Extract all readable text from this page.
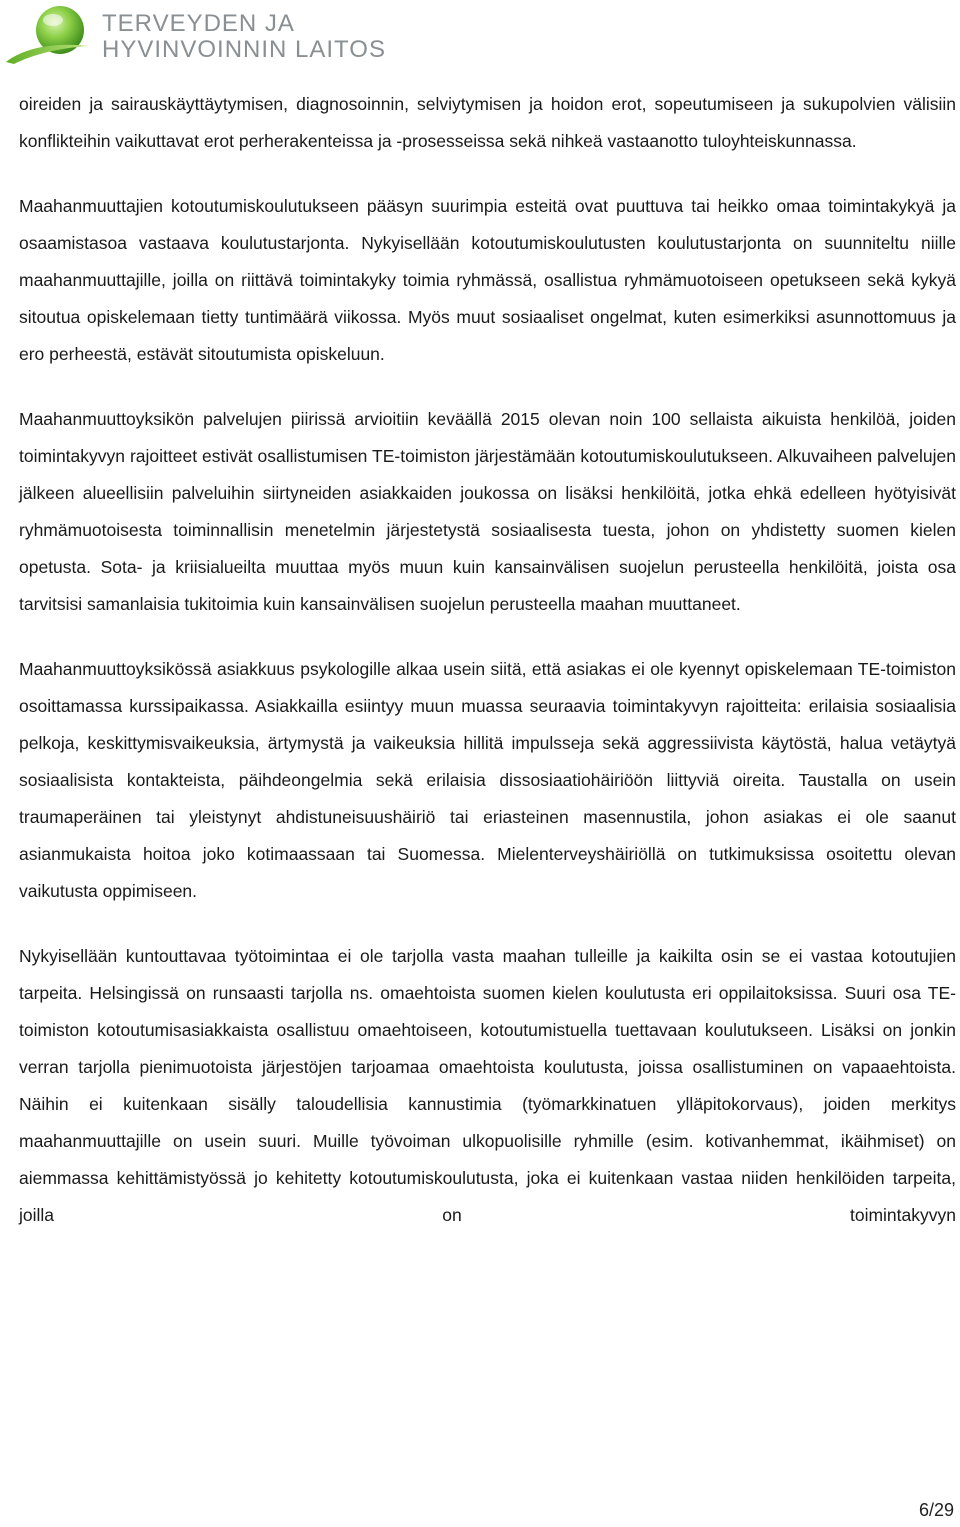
TERVEYDEN JA
HYVINVOINNIN LAITOS

oireiden ja sairauskäyttäytymisen, diagnosoinnin, selviytymisen ja hoidon erot, sopeutumiseen ja sukupolvien välisiin konflikteihin vaikuttavat erot perherakenteissa ja -prosesseissa sekä nihkeä vastaanotto tuloyhteiskunnassa.

Maahanmuuttajien kotoutumiskoulutukseen pääsyn suurimpia esteitä ovat puuttuva tai heikko omaa toimintakykyä ja osaamistasoa vastaava koulutustarjonta. Nykyisellään kotoutumiskoulutusten koulutustarjonta on suunniteltu niille maahanmuuttajille, joilla on riittävä toimintakyky toimia ryhmässä, osallistua ryhmämuotoiseen opetukseen sekä kykyä sitoutua opiskelemaan tietty tuntimäärä viikossa. Myös muut sosiaaliset ongelmat, kuten esimerkiksi asunnottomuus ja ero perheestä, estävät sitoutumista opiskeluun.

Maahanmuuttoyksikön palvelujen piirissä arvioitiin keväällä 2015 olevan noin 100 sellaista aikuista henkilöä, joiden toimintakyvyn rajoitteet estivät osallistumisen TE-toimiston järjestämään kotoutumiskoulutukseen. Alkuvaiheen palvelujen jälkeen alueellisiin palveluihin siirtyneiden asiakkaiden joukossa on lisäksi henkilöitä, jotka ehkä edelleen hyötyisivät ryhmämuotoisesta toiminnallisin menetelmin järjestetystä sosiaalisesta tuesta, johon on yhdistetty suomen kielen opetusta. Sota- ja kriisialueilta muuttaa myös muun kuin kansainvälisen suojelun perusteella henkilöitä, joista osa tarvitsisi samanlaisia tukitoimia kuin kansainvälisen suojelun perusteella maahan muuttaneet.

Maahanmuuttoyksikössä asiakkuus psykologille alkaa usein siitä, että asiakas ei ole kyennyt opiskelemaan TE-toimiston osoittamassa kurssipaikassa. Asiakkailla esiintyy muun muassa seuraavia toimintakyvyn rajoitteita: erilaisia sosiaalisia pelkoja, keskittymisvaikeuksia, ärtymystä ja vaikeuksia hillitä impulsseja sekä aggressiivista käytöstä, halua vetäytyä sosiaalisista kontakteista, päihdeongelmia sekä erilaisia dissosiaatiohäiriöön liittyviä oireita. Taustalla on usein traumaperäinen tai yleistynyt ahdistuneisuushäiriö tai eriasteinen masennustila, johon asiakas ei ole saanut asianmukaista hoitoa joko kotimaassaan tai Suomessa. Mielenterveyshäiriöllä on tutkimuksissa osoitettu olevan vaikutusta oppimiseen.

Nykyisellään kuntouttavaa työtoimintaa ei ole tarjolla vasta maahan tulleille ja kaikilta osin se ei vastaa kotoutujien tarpeita. Helsingissä on runsaasti tarjolla ns. omaehtoista suomen kielen koulutusta eri oppilaitoksissa. Suuri osa TE-toimiston kotoutumisasiakkaista osallistuu omaehtoiseen, kotoutumistuella tuettavaan koulutukseen. Lisäksi on jonkin verran tarjolla pienimuotoista järjestöjen tarjoamaa omaehtoista koulutusta, joissa osallistuminen on vapaaehtoista. Näihin ei kuitenkaan sisälly taloudellisia kannustimia (työmarkkinatuen ylläpitokorvaus), joiden merkitys maahanmuuttajille on usein suuri. Muille työvoiman ulkopuolisille ryhmille (esim. kotivanhemmat, ikäihmiset) on aiemmassa kehittämistyössä jo kehitetty kotoutumiskoulutusta, joka ei kuitenkaan vastaa niiden henkilöiden tarpeita, joilla on toimintakyvyn

6/29
